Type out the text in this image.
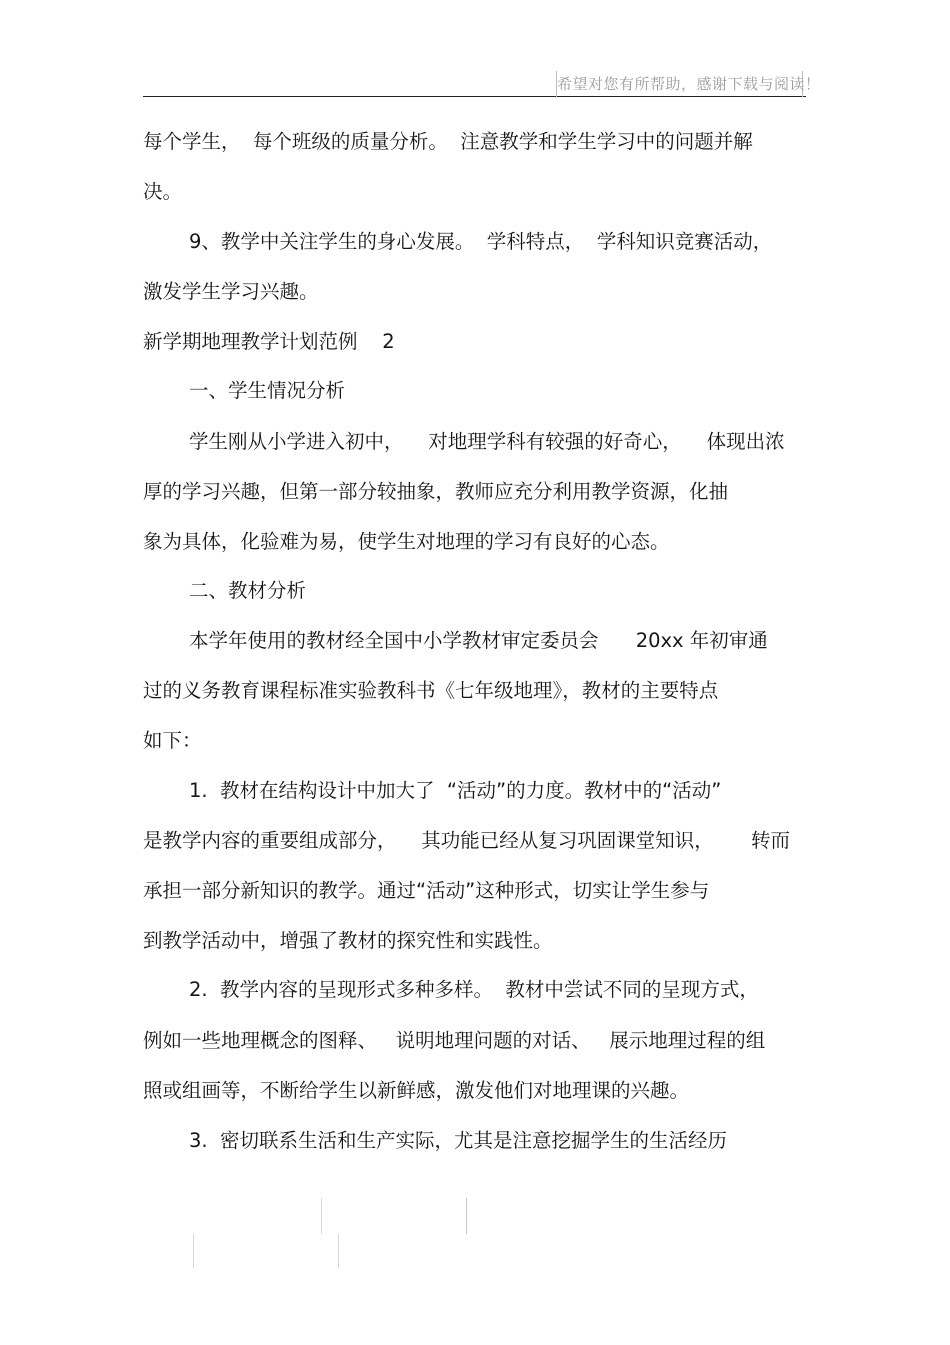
希望对您有所帮助，感谢下载与阅读！
每个学生，  每个班级的质量分析。  注意教学和学生学习中的问题并解
决。
9、教学中关注学生的身心发展。  学科特点，  学科知识竞赛活动，
激发学生学习兴趣。
新学期地理教学计划范例    2
一、学生情况分析
学生刚从小学进入初中，    对地理学科有较强的好奇心，    体现出浓
厚的学习兴趣，但第一部分较抽象，教师应充分利用教学资源，化抽
象为具体，化验难为易，使学生对地理的学习有良好的心态。
二、教材分析
本学年使用的教材经全国中小学教材审定委员会      20xx 年初审通
过的义务教育课程标准实验教科书《七年级地理》，教材的主要特点
如下：
1.  教材在结构设计中加大了  “活动”的力度。教材中的“活动”
是教学内容的重要组成部分，    其功能已经从复习巩固课堂知识，      转而
承担一部分新知识的教学。通过“活动”这种形式，切实让学生参与
到教学活动中，增强了教材的探究性和实践性。
2.  教学内容的呈现形式多种多样。  教材中尝试不同的呈现方式，
例如一些地理概念的图释、   说明地理问题的对话、   展示地理过程的组
照或组画等，不断给学生以新鲜感，激发他们对地理课的兴趣。
3.  密切联系生活和生产实际，尤其是注意挖掘学生的生活经历
